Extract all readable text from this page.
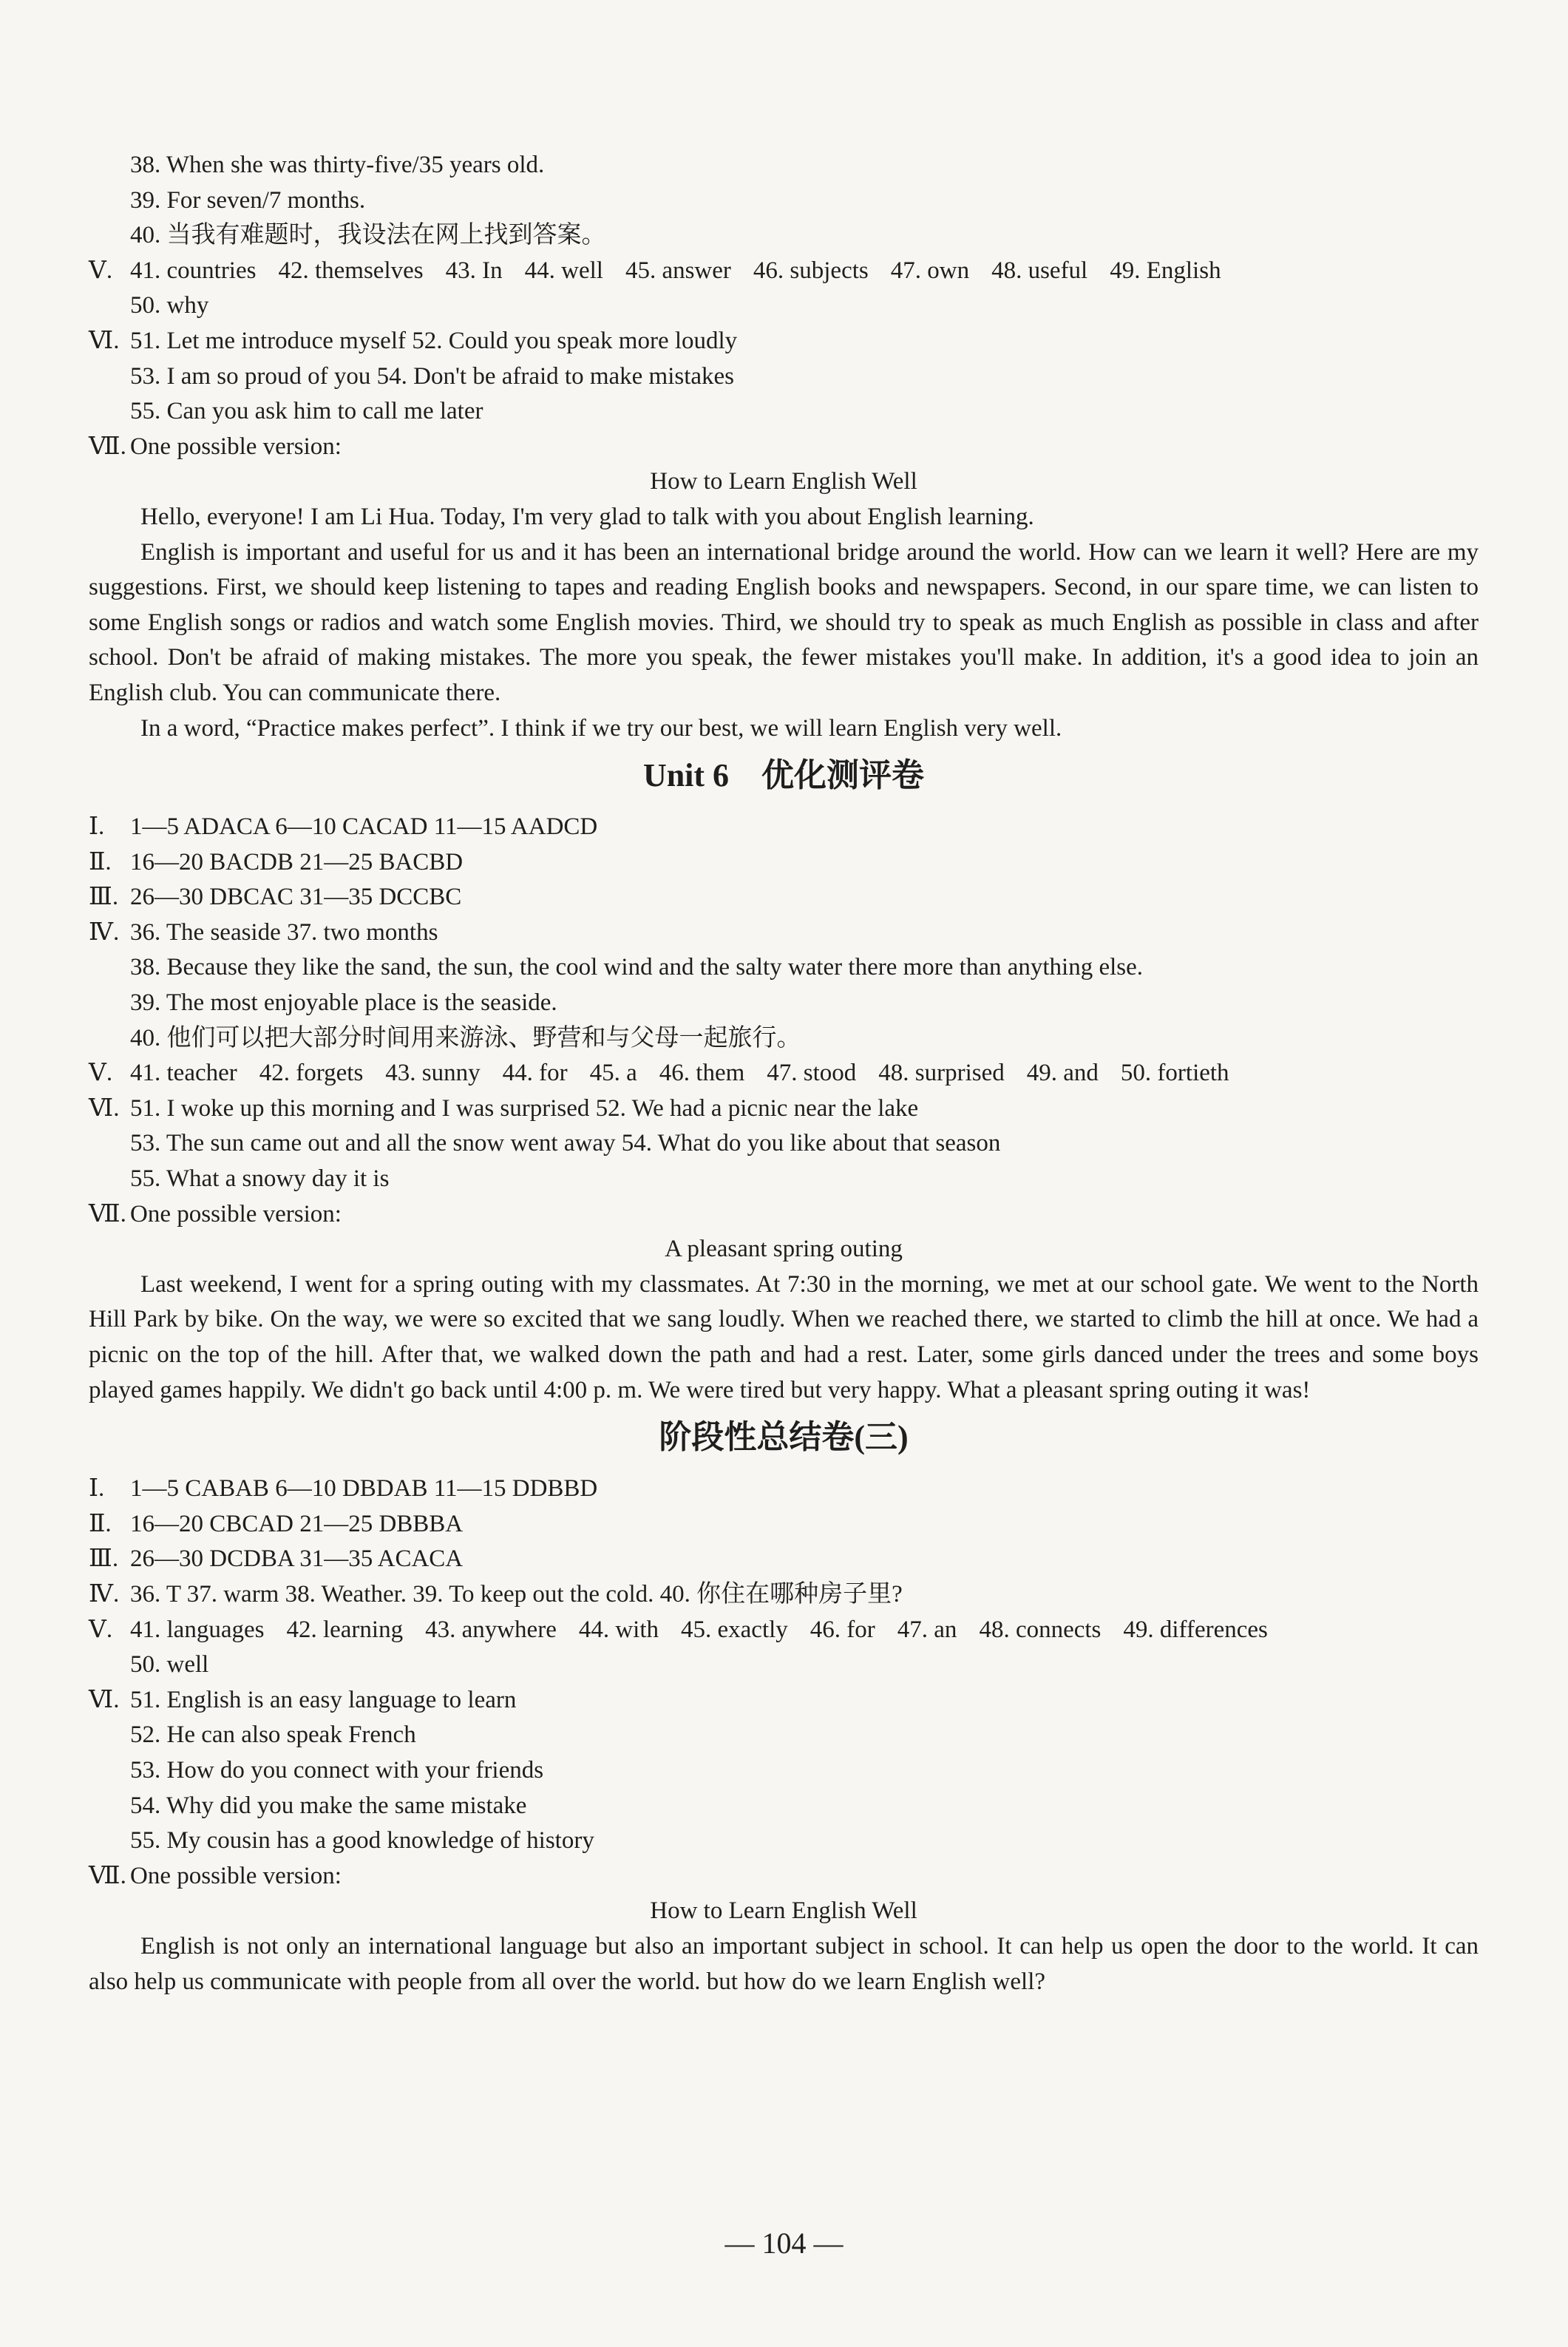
38. When she was thirty-five/35 years old.
39. For seven/7 months.
40. 当我有难题时，我设法在网上找到答案。
Ⅴ. 41. countries 42. themselves 43. In 44. well 45. answer 46. subjects 47. own 48. useful 49. English
50. why
Ⅵ. 51. Let me introduce myself 52. Could you speak more loudly
53. I am so proud of you 54. Don't be afraid to make mistakes
55. Can you ask him to call me later
Ⅶ. One possible version:
How to Learn English Well
Hello, everyone! I am Li Hua. Today, I'm very glad to talk with you about English learning.
English is important and useful for us and it has been an international bridge around the world. How can we learn it well? Here are my suggestions. First, we should keep listening to tapes and reading English books and newspapers. Second, in our spare time, we can listen to some English songs or radios and watch some English movies. Third, we should try to speak as much English as possible in class and after school. Don't be afraid of making mistakes. The more you speak, the fewer mistakes you'll make. In addition, it's a good idea to join an English club. You can communicate there.
In a word, “Practice makes perfect”. I think if we try our best, we will learn English very well.
Unit 6　优化测评卷
Ⅰ. 1—5 ADACA 6—10 CACAD 11—15 AADCD
Ⅱ. 16—20 BACDB 21—25 BACBD
Ⅲ. 26—30 DBCAC 31—35 DCCBC
Ⅳ. 36. The seaside 37. two months
38. Because they like the sand, the sun, the cool wind and the salty water there more than anything else.
39. The most enjoyable place is the seaside.
40. 他们可以把大部分时间用来游泳、野营和与父母一起旅行。
Ⅴ. 41. teacher 42. forgets 43. sunny 44. for 45. a 46. them 47. stood 48. surprised 49. and 50. fortieth
Ⅵ. 51. I woke up this morning and I was surprised 52. We had a picnic near the lake
53. The sun came out and all the snow went away 54. What do you like about that season
55. What a snowy day it is
Ⅶ. One possible version:
A pleasant spring outing
Last weekend, I went for a spring outing with my classmates. At 7:30 in the morning, we met at our school gate. We went to the North Hill Park by bike. On the way, we were so excited that we sang loudly. When we reached there, we started to climb the hill at once. We had a picnic on the top of the hill. After that, we walked down the path and had a rest. Later, some girls danced under the trees and some boys played games happily. We didn't go back until 4:00 p. m. We were tired but very happy. What a pleasant spring outing it was!
阶段性总结卷(三)
Ⅰ. 1—5 CABAB 6—10 DBDAB 11—15 DDBBD
Ⅱ. 16—20 CBCAD 21—25 DBBBA
Ⅲ. 26—30 DCDBA 31—35 ACACA
Ⅳ. 36. T 37. warm 38. Weather. 39. To keep out the cold. 40. 你住在哪种房子里?
Ⅴ. 41. languages 42. learning 43. anywhere 44. with 45. exactly 46. for 47. an 48. connects 49. differences
50. well
Ⅵ. 51. English is an easy language to learn
52. He can also speak French
53. How do you connect with your friends
54. Why did you make the same mistake
55. My cousin has a good knowledge of history
Ⅶ. One possible version:
How to Learn English Well
English is not only an international language but also an important subject in school. It can help us open the door to the world. It can also help us communicate with people from all over the world. but how do we learn English well?
— 104 —
